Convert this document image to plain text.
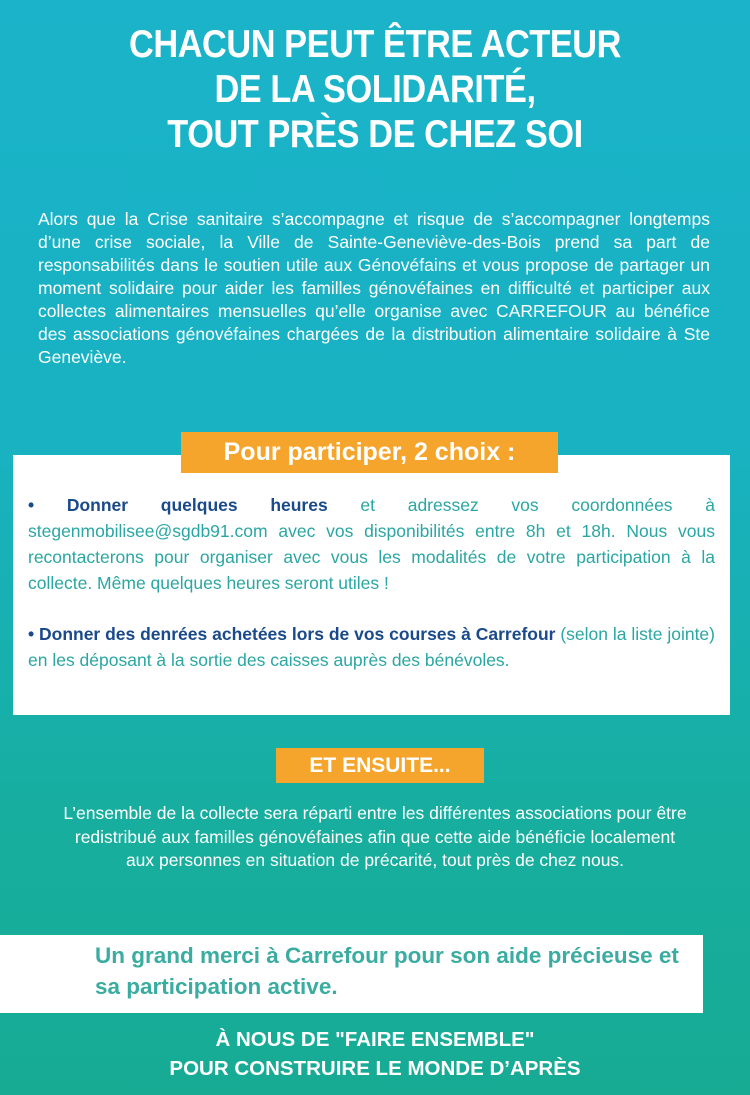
CHACUN PEUT ÊTRE ACTEUR
DE LA SOLIDARITÉ,
TOUT PRÈS DE CHEZ SOI

Alors que la Crise sanitaire s’accompagne et risque de s’accompagner longtemps d’une crise sociale, la Ville de Sainte-Geneviève-des-Bois prend sa part de responsabilités dans le soutien utile aux Génovéfains et vous propose de partager un moment solidaire pour aider les familles génovéfaines en difficulté et participer aux collectes alimentaires mensuelles qu’elle organise avec CARREFOUR au bénéfice des associations génovéfaines chargées de la distribution alimentaire solidaire à Ste Geneviève.

Pour participer, 2 choix :

• Donner quelques heures et adressez vos coordonnées à stegenmobilisee@sgdb91.com avec vos disponibilités entre 8h et 18h. Nous vous recontacterons pour organiser avec vous les modalités de votre participation à la collecte. Même quelques heures seront utiles !

• Donner des denrées achetées lors de vos courses à Carrefour (selon la liste jointe) en les déposant à la sortie des caisses auprès des bénévoles.

ET ENSUITE...

L’ensemble de la collecte sera réparti entre les différentes associations pour être redistribué aux familles génovéfaines afin que cette aide bénéficie localement aux personnes en situation de précarité, tout près de chez nous.

Un grand merci à Carrefour pour son aide précieuse et sa participation active.

À NOUS DE "FAIRE ENSEMBLE"
POUR CONSTRUIRE LE MONDE D’APRÈS
